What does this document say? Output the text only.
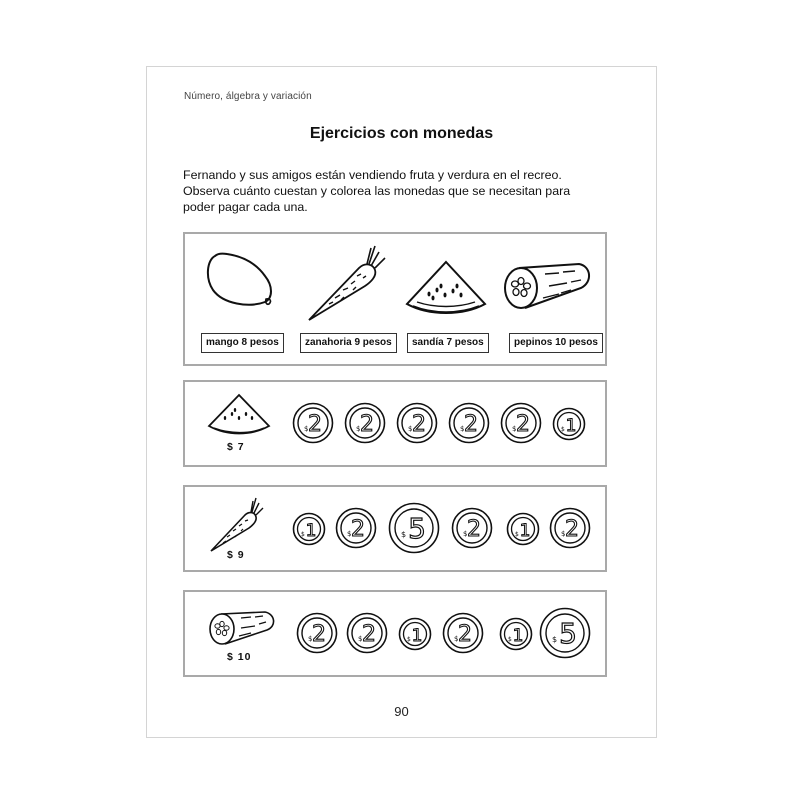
Número, álgebra y variación
Ejercicios con monedas
Fernando y sus amigos están vendiendo fruta y verdura en el recreo. Observa cuánto cuestan y colorea las monedas que se necesitan para poder pagar cada una.
mango 8 pesos	zanahoria 9 pesos	sandía 7 pesos	pepinos 10 pesos
$ 7
2
$ 2
$ 2
$ 2
$ 2
$	1
$
$ 9
1
$ 2
$ 5
$	2
$	1
$ 2
$
$ 10
2
$ 2
$	1
$ 2
$	1
$ 5
$
90
